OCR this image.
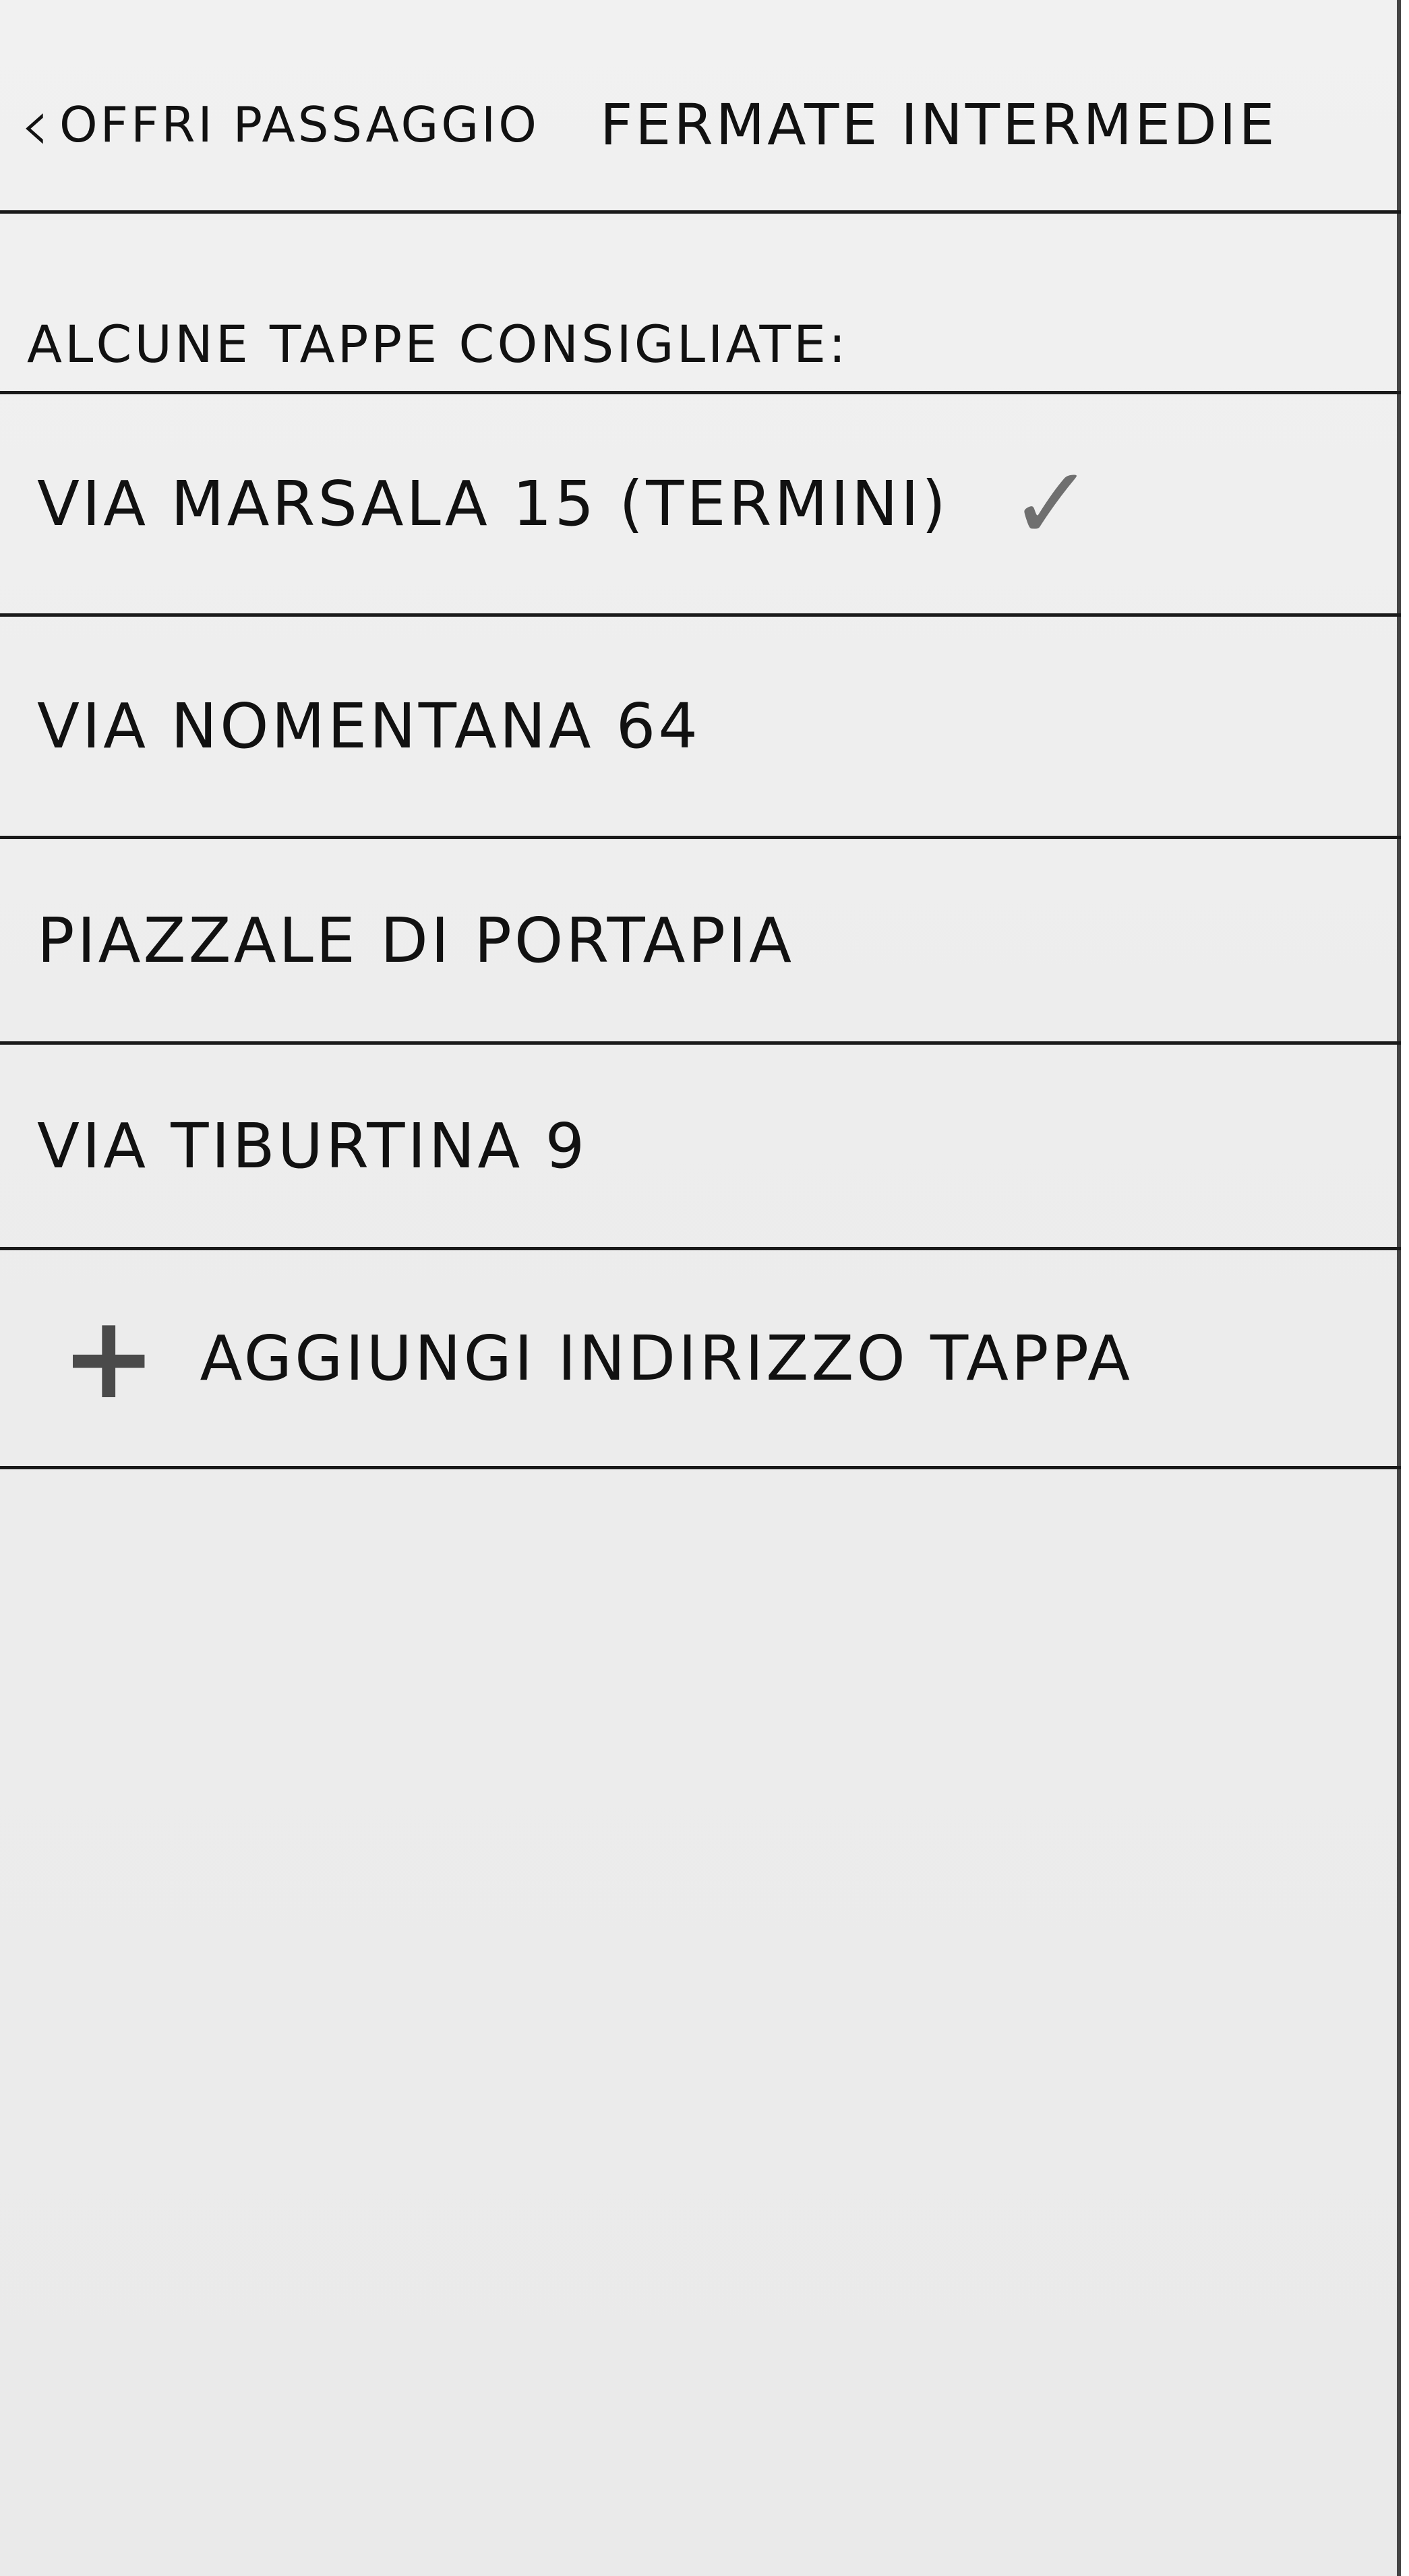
‹ OFFRI PASSAGGIO FERMATE INTERMEDIE
ALCUNE TAPPE CONSIGLIATE:
VIA MARSALA 15 (TERMINI) ✓
VIA NOMENTANA 64
PIAZZALE DI PORTAPIA
VIA TIBURTINA 9
+ AGGIUNGI INDIRIZZO TAPPA
